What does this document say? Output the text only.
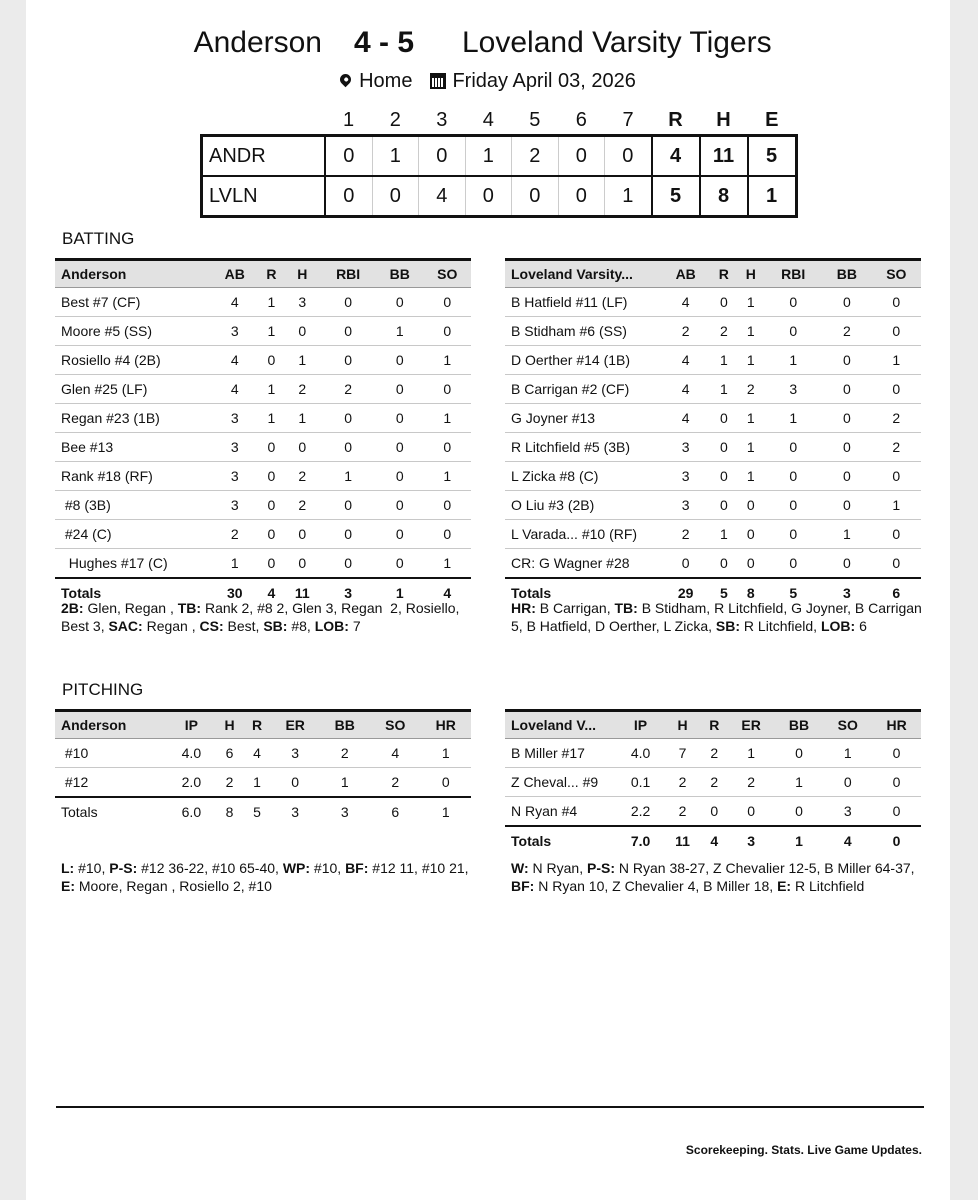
Anderson 4 - 5 Loveland Varsity Tigers
Home Friday April 03, 2026
	1	2	3	4	5	6	7	R	H	E
ANDR	0	1	0	1	2	0	0	4	11	5
LVLN	0	0	4	0	0	0	1	5	8	1
BATTING
Anderson	AB	R	H	RBI	BB	SO
Best #7 (CF)	4	1	3	0	0	0
Moore #5 (SS)	3	1	0	0	1	0
Rosiello #4 (2B)	4	0	1	0	0	1
Glen #25 (LF)	4	1	2	2	0	0
Regan #23 (1B)	3	1	1	0	0	1
Bee #13	3	0	0	0	0	0
Rank #18 (RF)	3	0	2	1	0	1
#8 (3B)	3	0	2	0	0	0
#24 (C)	2	0	0	0	0	0
Hughes #17 (C)	1	0	0	0	0	1
Totals	30	4	11	3	1	4
Loveland Varsity...	AB	R	H	RBI	BB	SO
B Hatfield #11 (LF)	4	0	1	0	0	0
B Stidham #6 (SS)	2	2	1	0	2	0
D Oerther #14 (1B)	4	1	1	1	0	1
B Carrigan #2 (CF)	4	1	2	3	0	0
G Joyner #13	4	0	1	1	0	2
R Litchfield #5 (3B)	3	0	1	0	0	2
L Zicka #8 (C)	3	0	1	0	0	0
O Liu #3 (2B)	3	0	0	0	0	1
L Varada... #10 (RF)	2	1	0	0	1	0
CR: G Wagner #28	0	0	0	0	0	0
Totals	29	5	8	5	3	6
2B: Glen, Regan , TB: Rank 2, #8 2, Glen 3, Regan  2, Rosiello, Best 3, SAC: Regan , CS: Best, SB: #8, LOB: 7
HR: B Carrigan, TB: B Stidham, R Litchfield, G Joyner, B Carrigan 5, B Hatfield, D Oerther, L Zicka, SB: R Litchfield, LOB: 6
PITCHING
Anderson	IP	H	R	ER	BB	SO	HR
#10	4.0	6	4	3	2	4	1
#12	2.0	2	1	0	1	2	0
Totals	6.0	8	5	3	3	6	1
Loveland V...	IP	H	R	ER	BB	SO	HR
B Miller #17	4.0	7	2	1	0	1	0
Z Cheval... #9	0.1	2	2	2	1	0	0
N Ryan #4	2.2	2	0	0	0	3	0
Totals	7.0	11	4	3	1	4	0
L: #10, P-S: #12 36-22, #10 65-40, WP: #10, BF: #12 11, #10 21, E: Moore, Regan , Rosiello 2, #10
W: N Ryan, P-S: N Ryan 38-27, Z Chevalier 12-5, B Miller 64-37, BF: N Ryan 10, Z Chevalier 4, B Miller 18, E: R Litchfield
Scorekeeping. Stats. Live Game Updates.
